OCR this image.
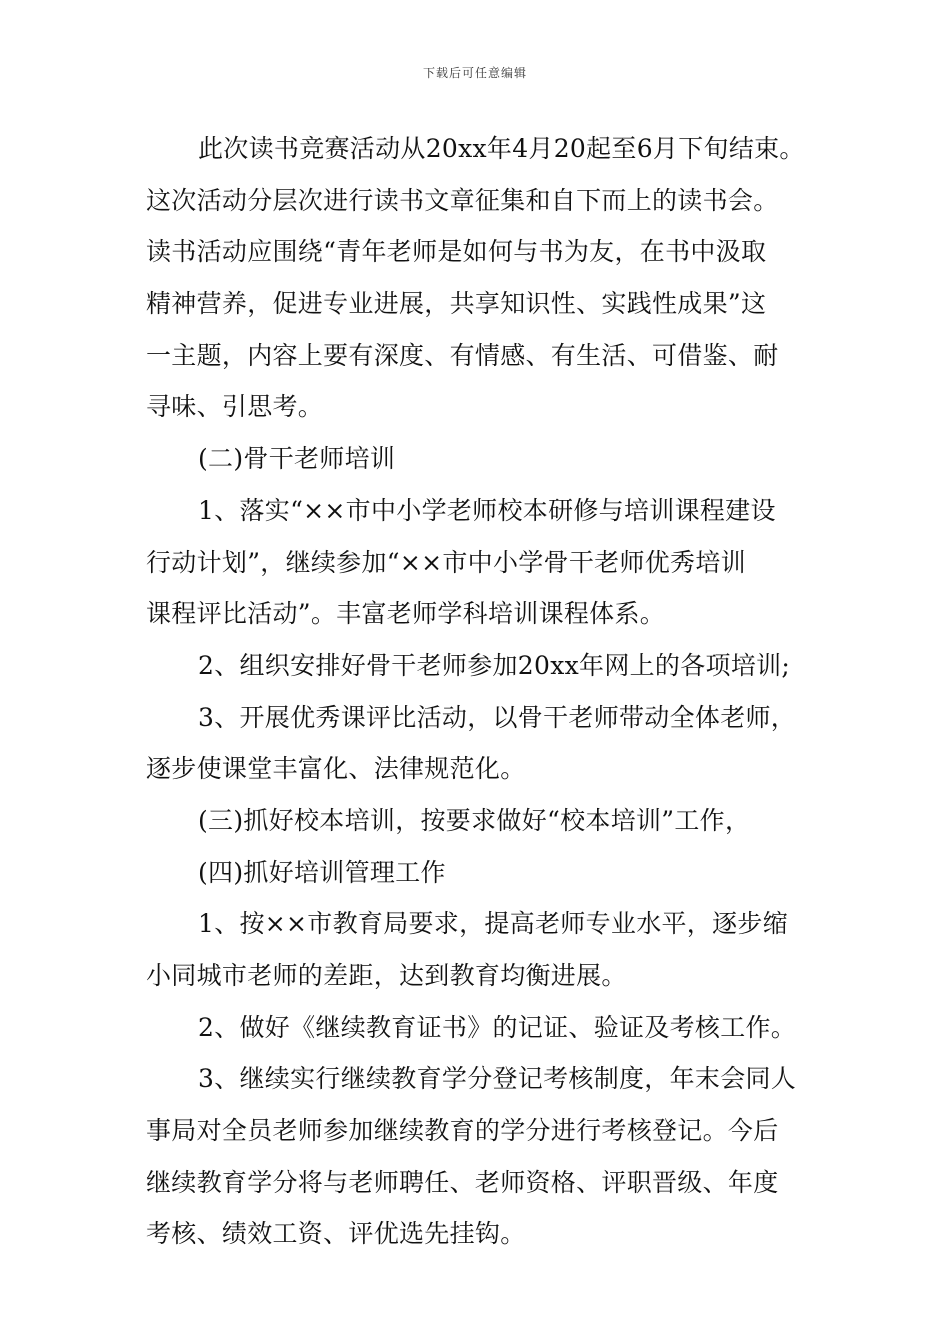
下载后可任意编辑
此次读书竞赛活动从20xx年4月20起至6月下旬结束。
这次活动分层次进行读书文章征集和自下而上的读书会。
读书活动应围绕“青年老师是如何与书为友，在书中汲取
精神营养，促进专业进展，共享知识性、实践性成果”这
一主题，内容上要有深度、有情感、有生活、可借鉴、耐
寻味、引思考。
(二)骨干老师培训
1、落实“××市中小学老师校本研修与培训课程建设
行动计划”，继续参加“××市中小学骨干老师优秀培训
课程评比活动”。丰富老师学科培训课程体系。
2、组织安排好骨干老师参加20xx年网上的各项培训;
3、开展优秀课评比活动，以骨干老师带动全体老师，
逐步使课堂丰富化、法律规范化。
(三)抓好校本培训，按要求做好“校本培训”工作，
(四)抓好培训管理工作
1、按××市教育局要求，提高老师专业水平，逐步缩
小同城市老师的差距，达到教育均衡进展。
2、做好《继续教育证书》的记证、验证及考核工作。
3、继续实行继续教育学分登记考核制度，年末会同人
事局对全员老师参加继续教育的学分进行考核登记。今后
继续教育学分将与老师聘任、老师资格、评职晋级、年度
考核、绩效工资、评优选先挂钩。
